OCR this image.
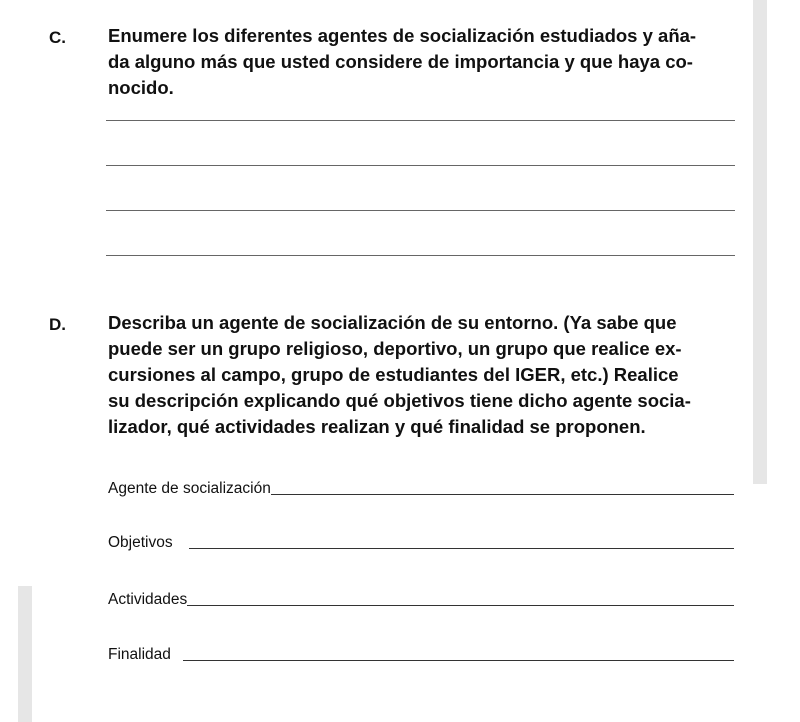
C. Enumere los diferentes agentes de socialización estudiados y aña-
da alguno más que usted considere de importancia y que haya co-
nocido.
D. Describa un agente de socialización de su entorno. (Ya sabe que
puede ser un grupo religioso, deportivo, un grupo que realice ex-
cursiones al campo, grupo de estudiantes del IGER, etc.) Realice
su descripción explicando qué objetivos tiene dicho agente socia-
lizador, qué actividades realizan y qué finalidad se proponen.
Agente de socialización
Objetivos
Actividades
Finalidad
